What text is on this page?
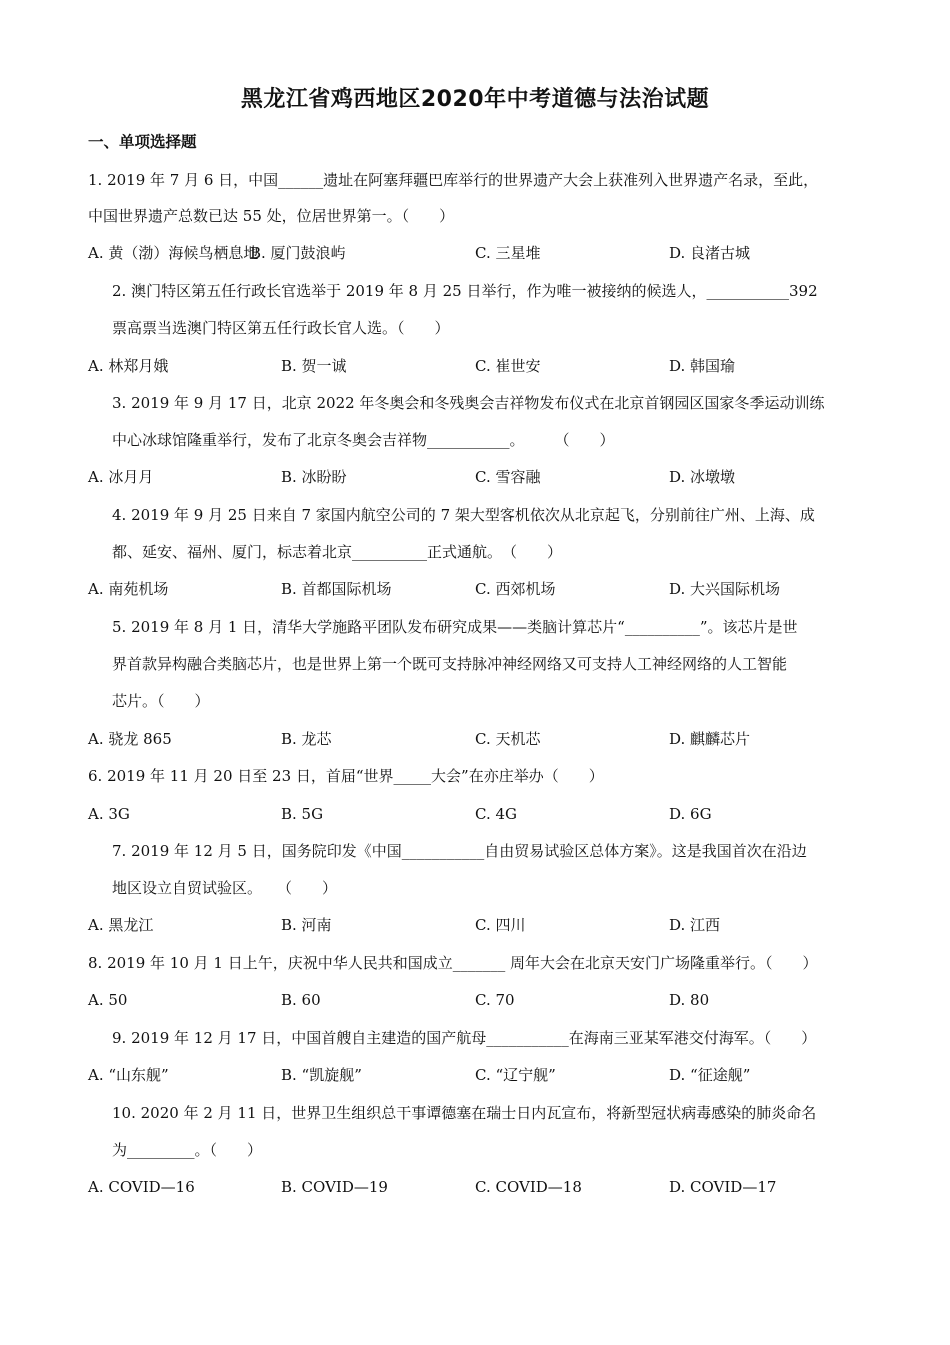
黑龙江省鸡西地区2020年中考道德与法治试题
一、单项选择题
1. 2019 年 7 月 6 日，中国______遗址在阿塞拜疆巴库举行的世界遗产大会上获准列入世界遗产名录，至此，
中国世界遗产总数已达 55 处，位居世界第一。（　　）
A. 黄（渤）海候鸟栖息地
B. 厦门鼓浪屿	C. 三星堆	D. 良渚古城
2. 澳门特区第五任行政长官选举于 2019 年 8 月 25 日举行，作为唯一被接纳的候选人，___________392
票高票当选澳门特区第五任行政长官人选。（　　）
A. 林郑月娥	B. 贺一诚	C. 崔世安	D. 韩国瑜
3. 2019 年 9 月 17 日，北京 2022 年冬奥会和冬残奥会吉祥物发布仪式在北京首钢园区国家冬季运动训练
中心冰球馆隆重举行，发布了北京冬奥会吉祥物___________。　　　（　　）
A. 冰月月	B. 冰盼盼	C. 雪容融	D. 冰墩墩
4. 2019 年 9 月 25 日来自 7 家国内航空公司的 7 架大型客机依次从北京起飞，分别前往广州、上海、成
都、延安、福州、厦门，标志着北京__________正式通航。　（　　）
A. 南苑机场	B. 首都国际机场	C. 西郊机场	D. 大兴国际机场
5. 2019 年 8 月 1 日，清华大学施路平团队发布研究成果——类脑计算芯片“__________”。该芯片是世
界首款异构融合类脑芯片，也是世界上第一个既可支持脉冲神经网络又可支持人工神经网络的人工智能
芯片。（　　）
A. 骁龙 865	B. 龙芯	C. 天机芯	D. 麒麟芯片
6. 2019 年 11 月 20 日至 23 日，首届“世界_____大会”在亦庄举办（　　）
A. 3G	B. 5G	C. 4G	D. 6G
7. 2019 年 12 月 5 日，国务院印发《中国___________自由贸易试验区总体方案》。这是我国首次在沿边
地区设立自贸试验区。　　（　　）
A. 黑龙江	B. 河南	C. 四川	D. 江西
8. 2019 年 10 月 1 日上午，庆祝中华人民共和国成立_______ 周年大会在北京天安门广场隆重举行。（　　）
A. 50	B. 60	C. 70	D. 80
9. 2019 年 12 月 17 日，中国首艘自主建造的国产航母___________在海南三亚某军港交付海军。（　　）
A. “山东舰”	B. “凯旋舰”	C. “辽宁舰”	D. “征途舰”
10. 2020 年 2 月 11 日，世界卫生组织总干事谭德塞在瑞士日内瓦宣布，将新型冠状病毒感染的肺炎命名
为_________。（　　）
A. COVID—16	B. COVID—19	C. COVID—18	D. COVID—17
